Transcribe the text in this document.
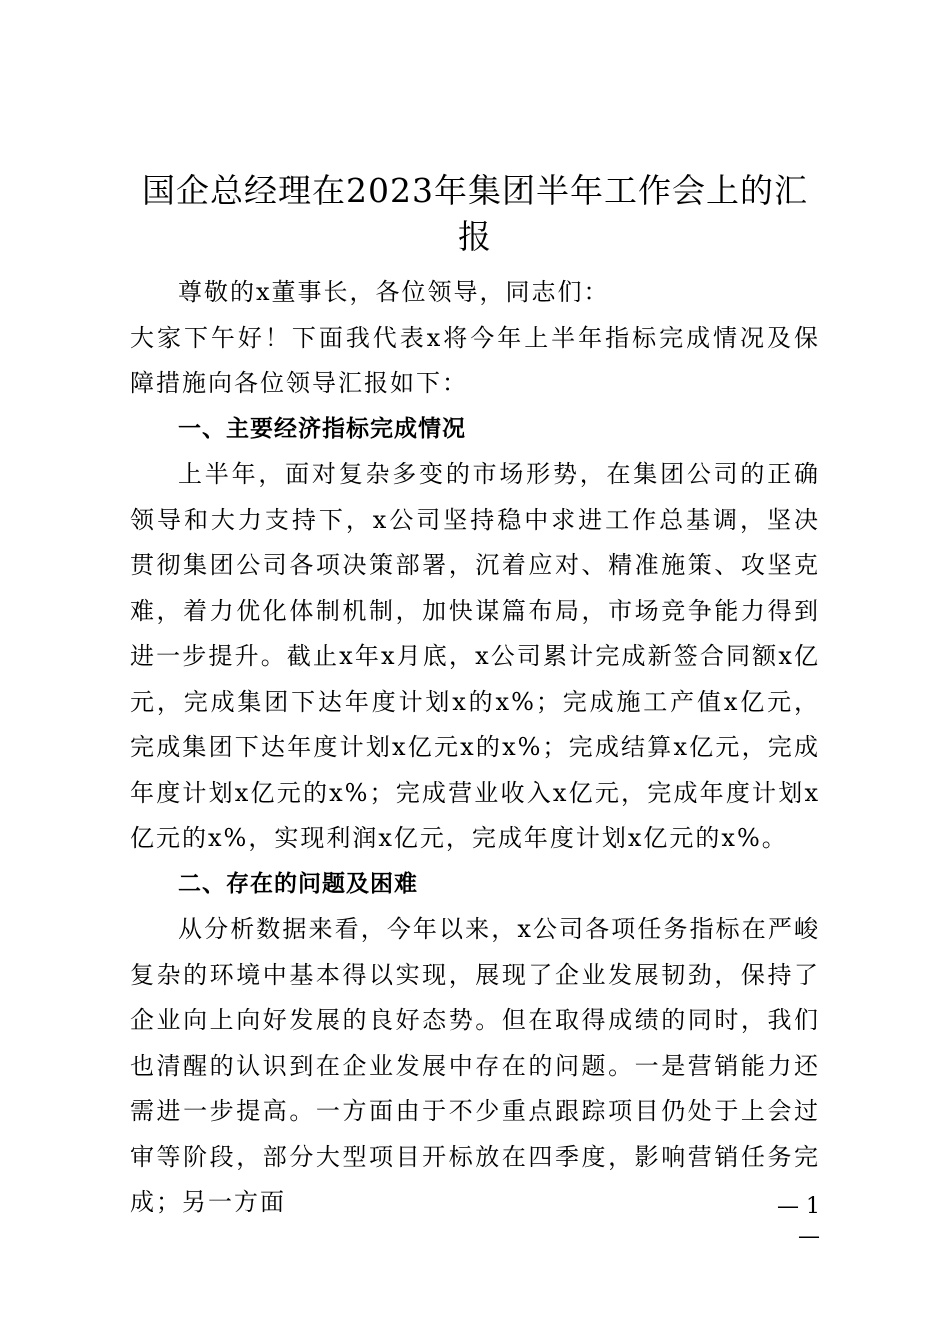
国企总经理在2023年集团半年工作会上的汇报

尊敬的x董事长，各位领导，同志们：

大家下午好！下面我代表x将今年上半年指标完成情况及保障措施向各位领导汇报如下：

一、主要经济指标完成情况

上半年，面对复杂多变的市场形势，在集团公司的正确领导和大力支持下，x公司坚持稳中求进工作总基调，坚决贯彻集团公司各项决策部署，沉着应对、精准施策、攻坚克难，着力优化体制机制，加快谋篇布局，市场竞争能力得到进一步提升。截止x年x月底，x公司累计完成新签合同额x亿元，完成集团下达年度计划x的x%；完成施工产值x亿元，完成集团下达年度计划x亿元x的x%；完成结算x亿元，完成年度计划x亿元的x%；完成营业收入x亿元，完成年度计划x亿元的x%，实现利润x亿元，完成年度计划x亿元的x%。

二、存在的问题及困难

从分析数据来看，今年以来，x公司各项任务指标在严峻复杂的环境中基本得以实现，展现了企业发展韧劲，保持了企业向上向好发展的良好态势。但在取得成绩的同时，我们也清醒的认识到在企业发展中存在的问题。一是营销能力还需进一步提高。一方面由于不少重点跟踪项目仍处于上会过审等阶段，部分大型项目开标放在四季度，影响营销任务完成；另一方面	— 1 —
